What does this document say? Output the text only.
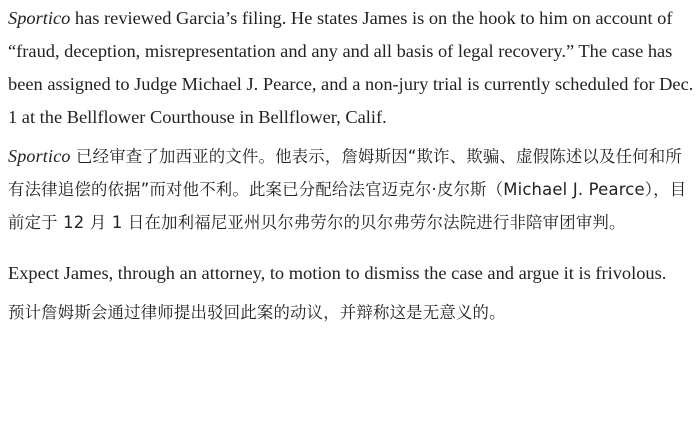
Sportico has reviewed Garcia’s filing. He states James is on the hook to him on account of “fraud, deception, misrepresentation and any and all basis of legal recovery.” The case has been assigned to Judge Michael J. Pearce, and a non-jury trial is currently scheduled for Dec. 1 at the Bellflower Courthouse in Bellflower, Calif.

Sportico 已经审查了加西亚的文件。他表示，詹姆斯因“欺诈、欺骗、虚假陈述以及任何和所有法律追偿的依据”而对他不利。此案已分配给法官迈克尔·皮尔斯（Michael J. Pearce），目前定于 12 月 1 日在加利福尼亚州贝尔弗劳尔的贝尔弗劳尔法院进行非陪审团审判。

Expect James, through an attorney, to motion to dismiss the case and argue it is frivolous.

预计詹姆斯会通过律师提出驳回此案的动议，并辩称这是无意义的。
